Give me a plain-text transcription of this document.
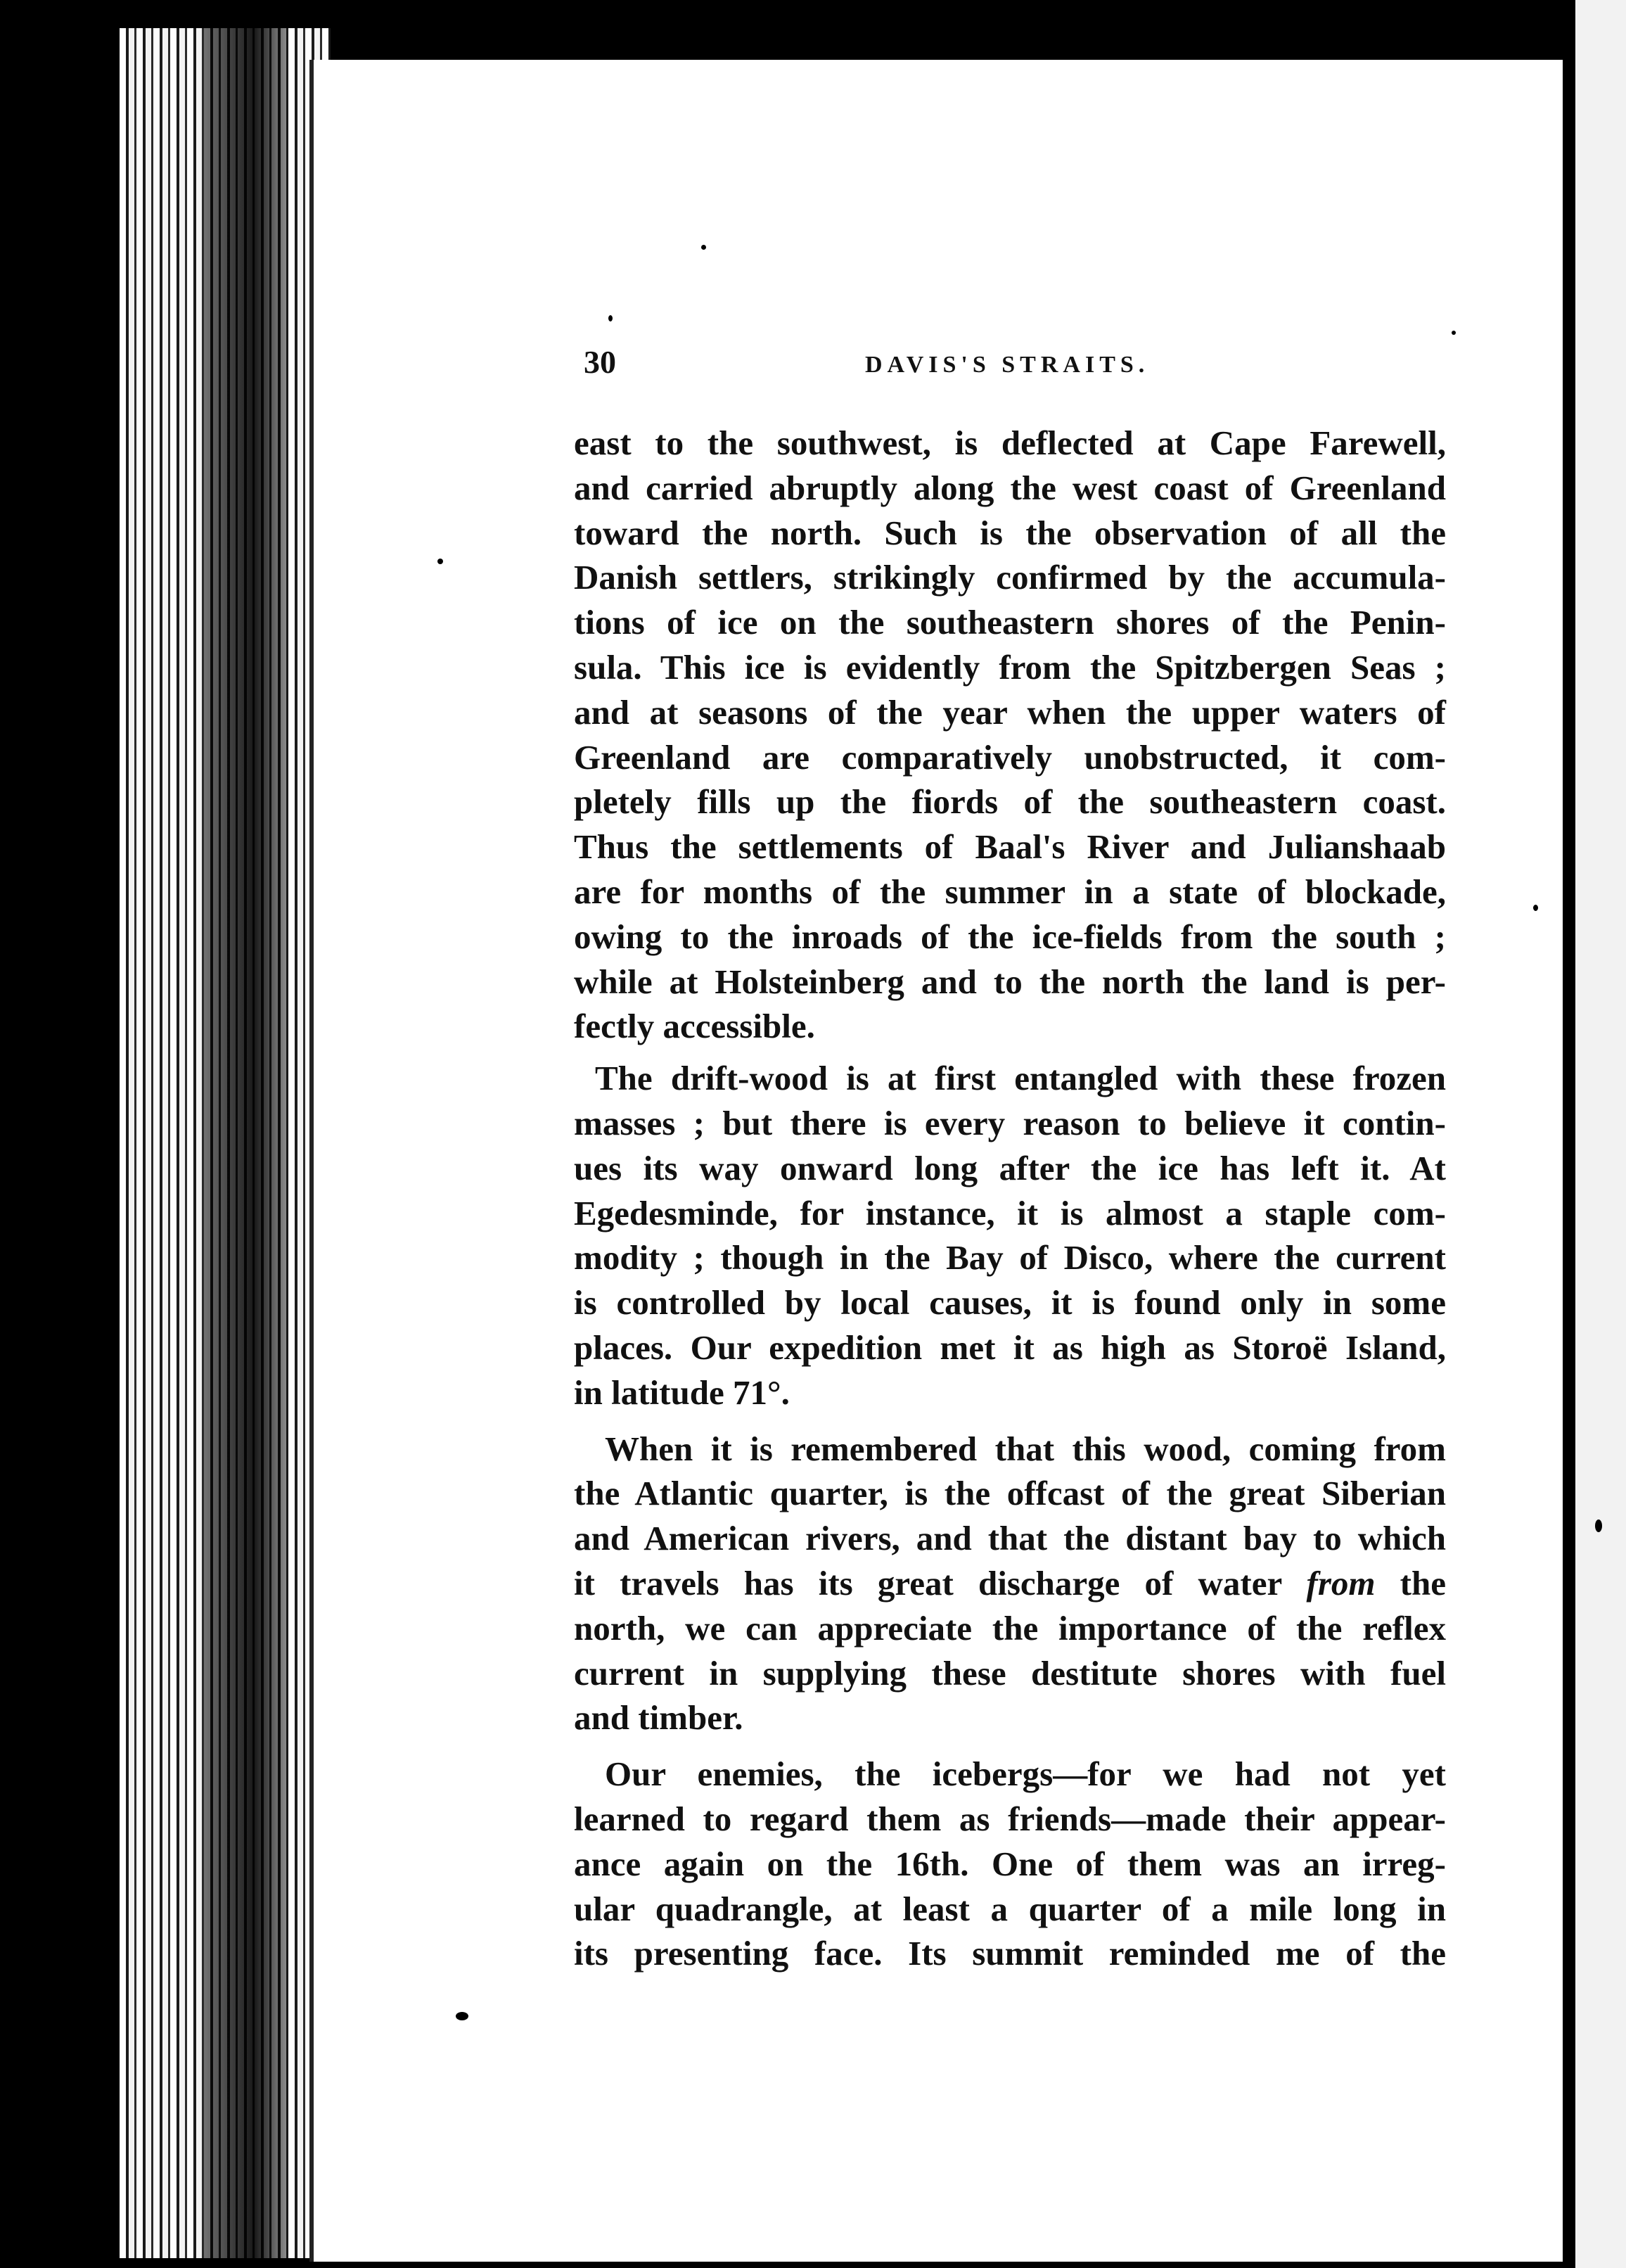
30	DAVIS'S STRAITS.
east to the southwest, is deflected at Cape Farewell,
and carried abruptly along the west coast of Greenland
toward the north. Such is the observation of all the
Danish settlers, strikingly confirmed by the accumula-
tions of ice on the southeastern shores of the Penin-
sula. This ice is evidently from the Spitzbergen Seas ;
and at seasons of the year when the upper waters of
Greenland are comparatively unobstructed, it com-
pletely fills up the fiords of the southeastern coast.
Thus the settlements of Baal's River and Julianshaab
are for months of the summer in a state of blockade,
owing to the inroads of the ice-fields from the south ;
while at Holsteinberg and to the north the land is per-
fectly accessible.
The drift-wood is at first entangled with these frozen
masses ; but there is every reason to believe it contin-
ues its way onward long after the ice has left it. At
Egedesminde, for instance, it is almost a staple com-
modity ; though in the Bay of Disco, where the current
is controlled by local causes, it is found only in some
places. Our expedition met it as high as Storoë Island,
in latitude 71°.
When it is remembered that this wood, coming from
the Atlantic quarter, is the offcast of the great Siberian
and American rivers, and that the distant bay to which
it travels has its great discharge of water from the
north, we can appreciate the importance of the reflex
current in supplying these destitute shores with fuel
and timber.
Our enemies, the icebergs—for we had not yet
learned to regard them as friends—made their appear-
ance again on the 16th. One of them was an irreg-
ular quadrangle, at least a quarter of a mile long in
its presenting face. Its summit reminded me of the
